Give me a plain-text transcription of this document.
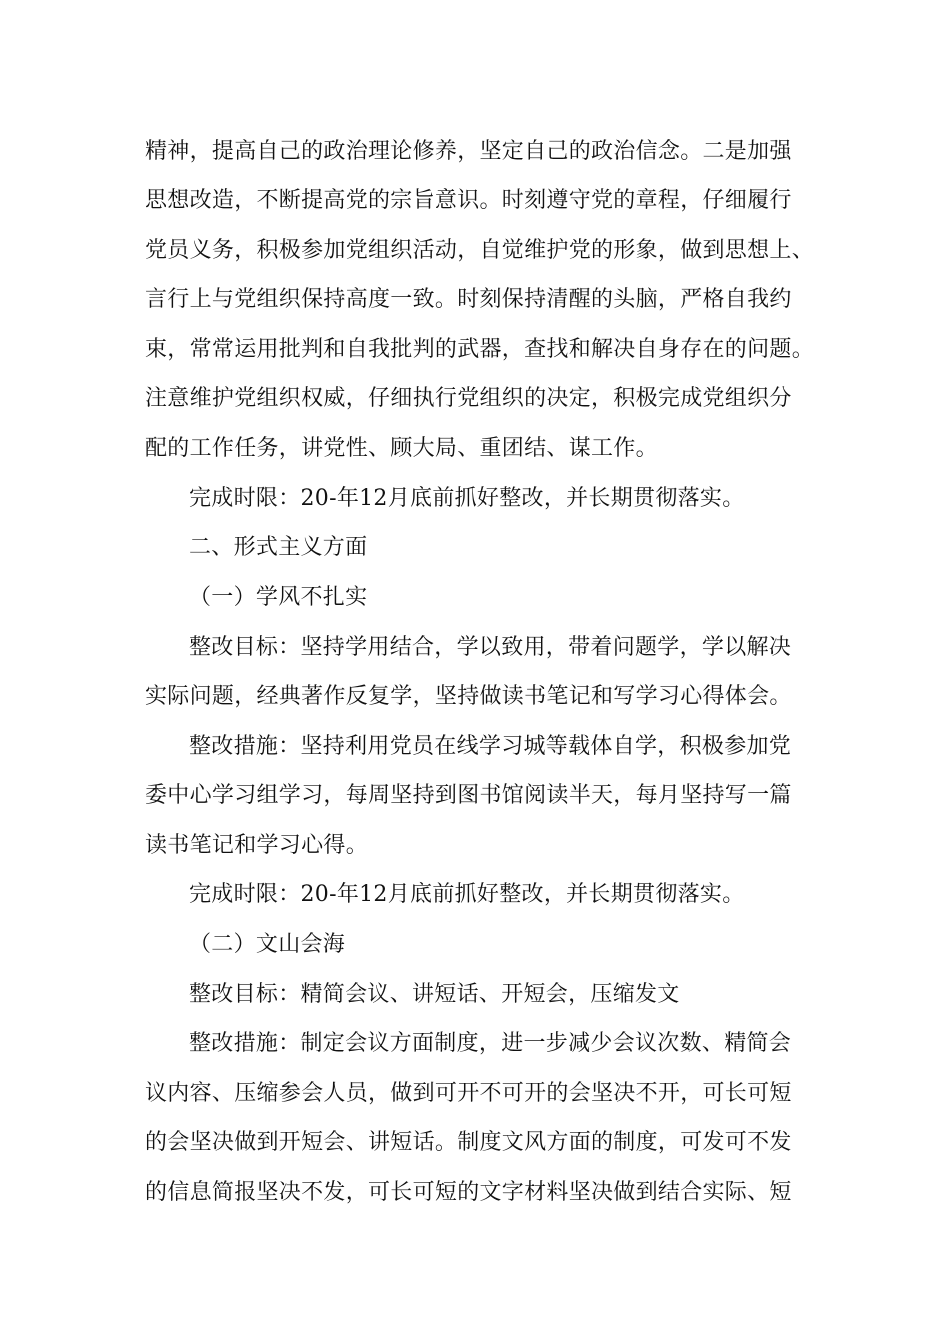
精神，提高自己的政治理论修养，坚定自己的政治信念。二是加强
思想改造，不断提高党的宗旨意识。时刻遵守党的章程，仔细履行
党员义务，积极参加党组织活动，自觉维护党的形象，做到思想上、
言行上与党组织保持高度一致。时刻保持清醒的头脑，严格自我约
束，常常运用批判和自我批判的武器，查找和解决自身存在的问题。
注意维护党组织权威，仔细执行党组织的决定，积极完成党组织分
配的工作任务，讲党性、顾大局、重团结、谋工作。
完成时限：20-年12月底前抓好整改，并长期贯彻落实。
二、形式主义方面
（一）学风不扎实
整改目标：坚持学用结合，学以致用，带着问题学，学以解决
实际问题，经典著作反复学，坚持做读书笔记和写学习心得体会。
整改措施：坚持利用党员在线学习城等载体自学，积极参加党
委中心学习组学习，每周坚持到图书馆阅读半天，每月坚持写一篇
读书笔记和学习心得。
完成时限：20-年12月底前抓好整改，并长期贯彻落实。
（二）文山会海
整改目标：精简会议、讲短话、开短会，压缩发文
整改措施：制定会议方面制度，进一步减少会议次数、精简会
议内容、压缩参会人员，做到可开不可开的会坚决不开，可长可短
的会坚决做到开短会、讲短话。制度文风方面的制度，可发可不发
的信息简报坚决不发，可长可短的文字材料坚决做到结合实际、短
